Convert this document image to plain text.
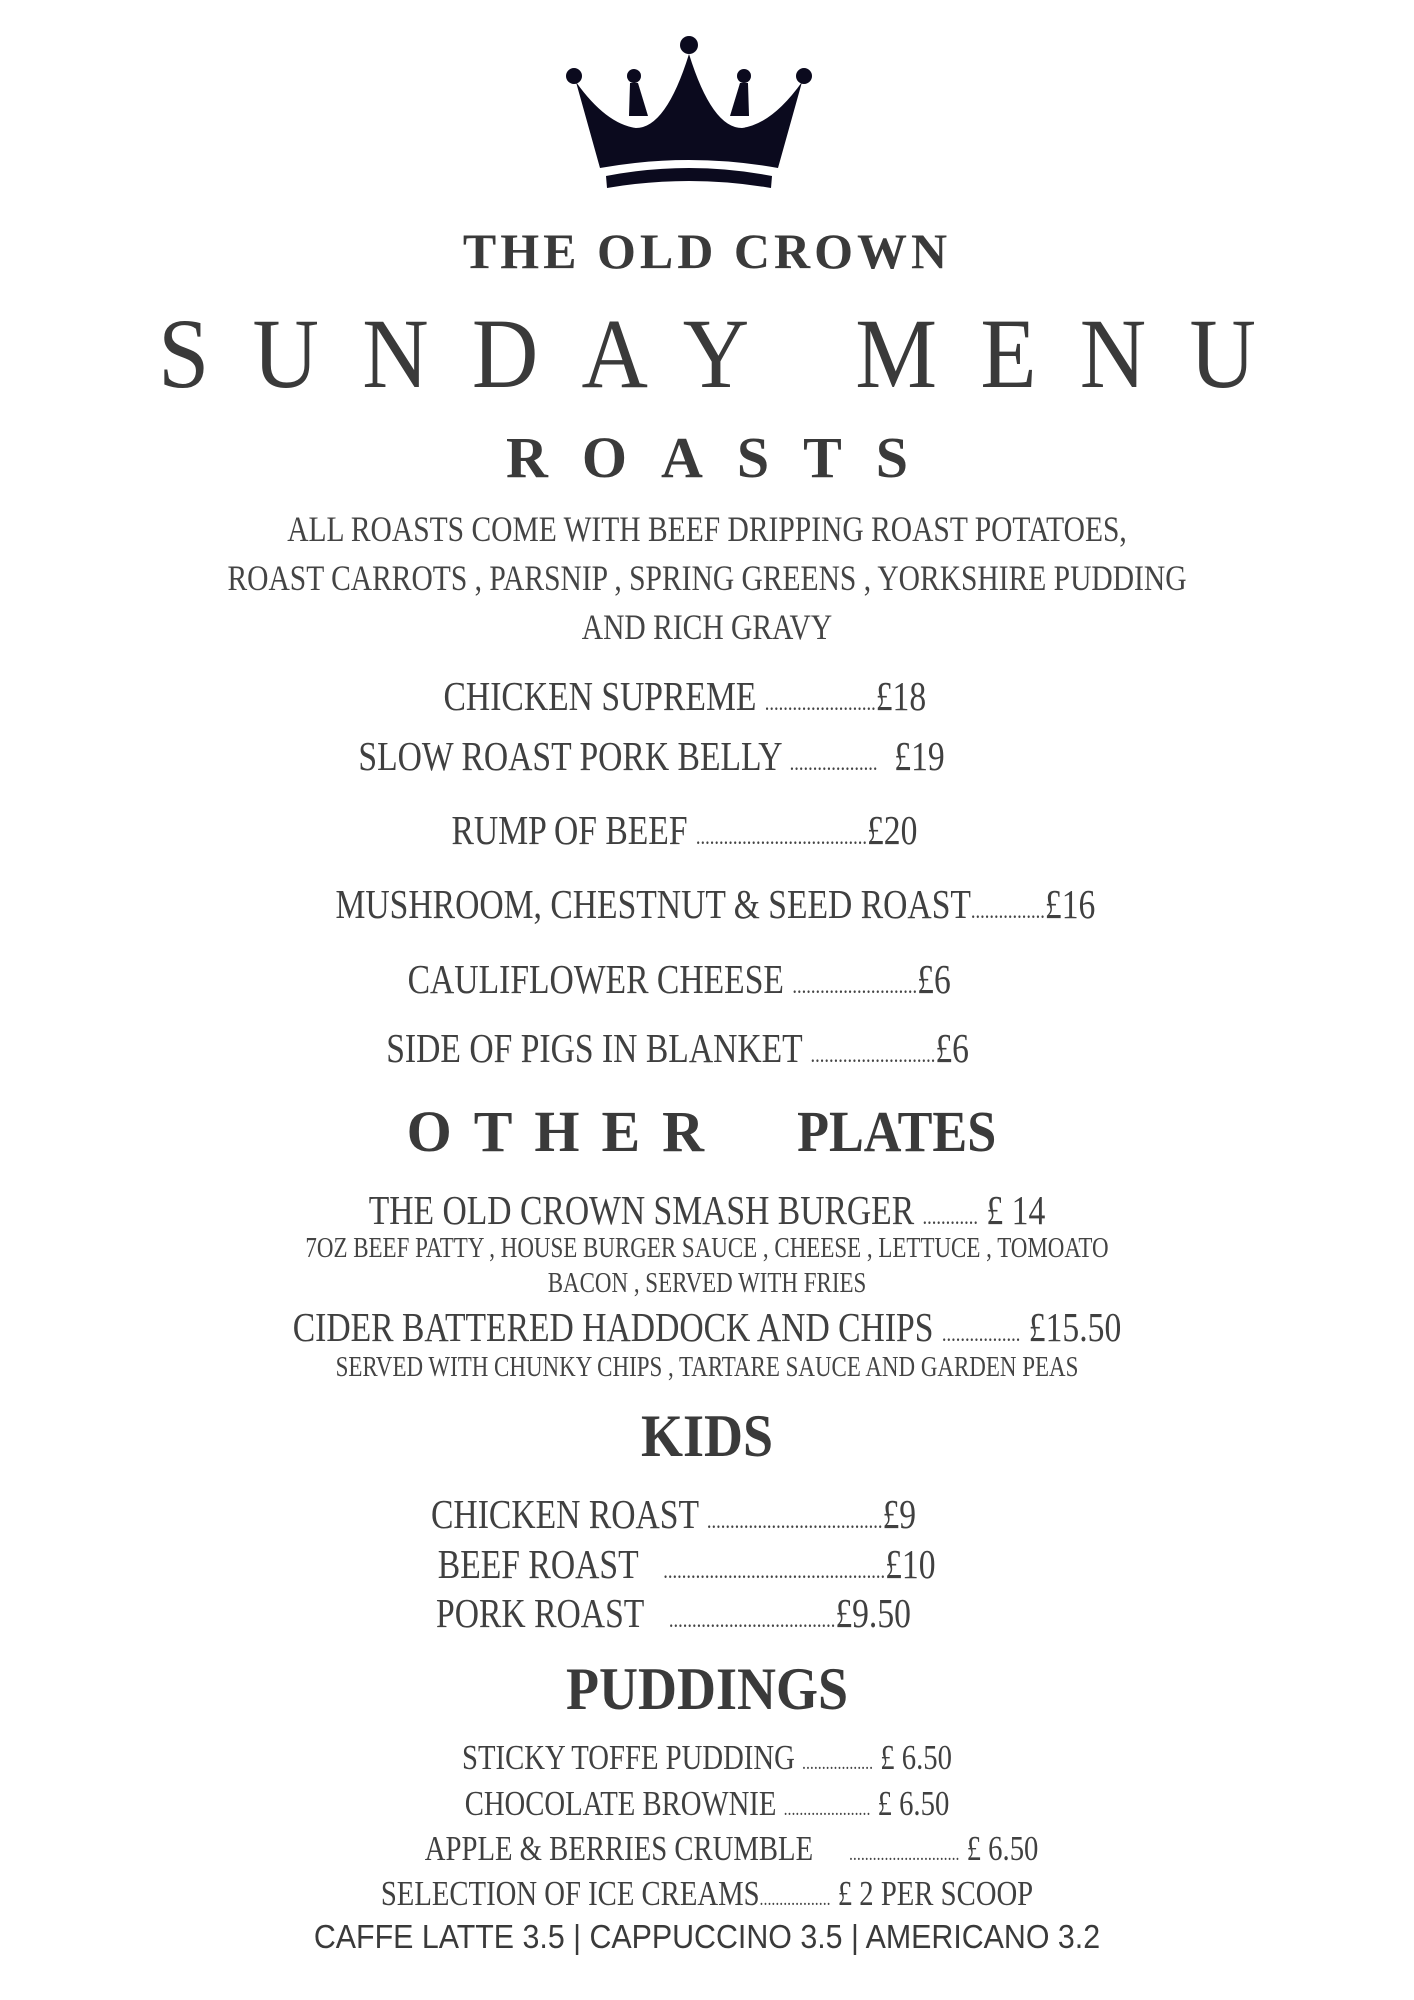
THE OLD CROWN
SUNDAY MENU
ROASTS
ALL ROASTS COME WITH BEEF DRIPPING ROAST POTATOES,
ROAST CARROTS , PARSNIP , SPRING GREENS , YORKSHIRE PUDDING
AND RICH GRAVY
CHICKEN SUPREME ........................£18
SLOW ROAST PORK BELLY ................... £19
RUMP OF BEEF .....................................£20
MUSHROOM, CHESTNUT & SEED ROAST................£16
CAULIFLOWER CHEESE ...........................£6
SIDE OF PIGS IN BLANKET ...........................£6
OTHER PLATES
THE OLD CROWN SMASH BURGER ............ £ 14
7OZ BEEF PATTY , HOUSE BURGER SAUCE , CHEESE , LETTUCE , TOMOATO
BACON , SERVED WITH FRIES
CIDER BATTERED HADDOCK AND CHIPS ................. £15.50
SERVED WITH CHUNKY CHIPS , TARTARE SAUCE AND GARDEN PEAS
KIDS
CHICKEN ROAST ......................................£9
BEEF ROAST ................................................£10
PORK ROAST ....................................£9.50
PUDDINGS
STICKY TOFFE PUDDING .................. £ 6.50
CHOCOLATE BROWNIE ...................... £ 6.50
APPLE & BERRIES CRUMBLE ............................ £ 6.50
SELECTION OF ICE CREAMS.................. £ 2 PER SCOOP
CAFFE LATTE 3.5 | CAPPUCCINO 3.5 | AMERICANO 3.2
